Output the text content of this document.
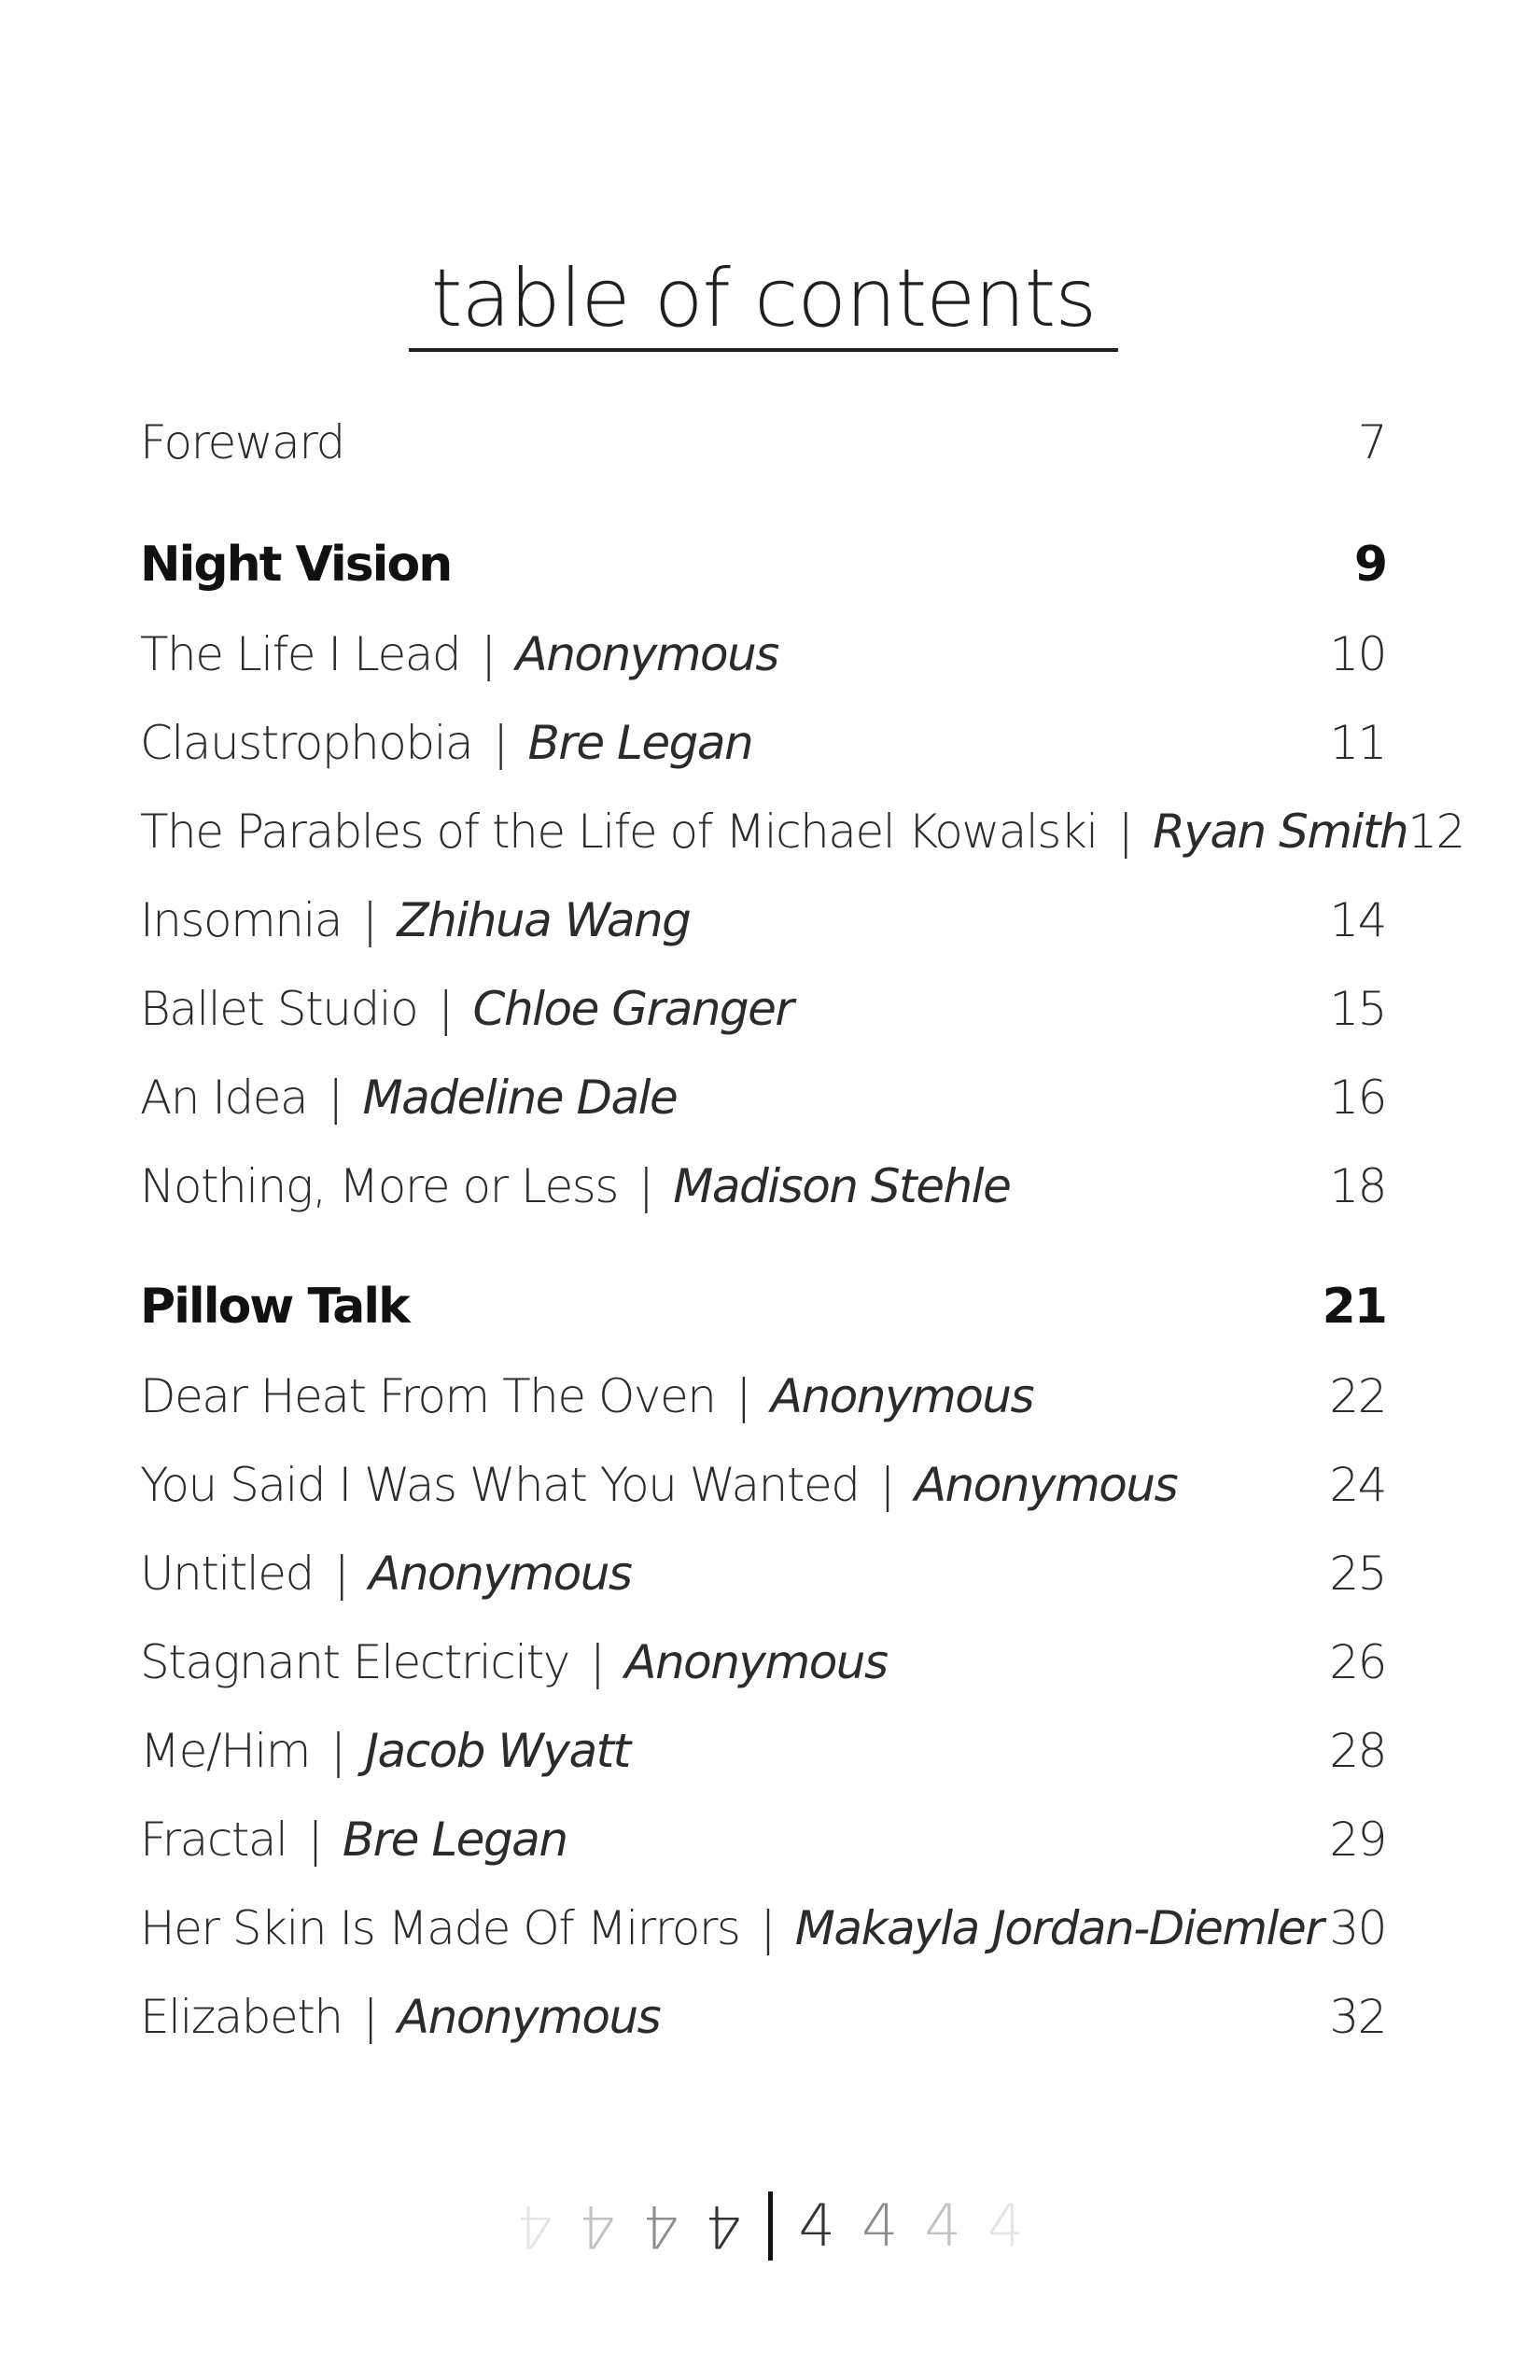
table of contents
Foreward	7
Night Vision	9
The Life I Lead | Anonymous	10
Claustrophobia | Bre Legan	11
The Parables of the Life of Michael Kowalski | Ryan Smith 12
Insomnia | Zhihua Wang	14
Ballet Studio | Chloe Granger	15
An Idea | Madeline Dale	16
Nothing, More or Less | Madison Stehle	18
Pillow Talk	21
Dear Heat From The Oven | Anonymous	22
You Said I Was What You Wanted | Anonymous	24
Untitled | Anonymous	25
Stagnant Electricity | Anonymous	26
Me/Him | Jacob Wyatt	28
Fractal | Bre Legan	29
Her Skin Is Made Of Mirrors | Makayla Jordan-Diemler 30
Elizabeth | Anonymous	32
4 4 4 4 4 4 4 4
